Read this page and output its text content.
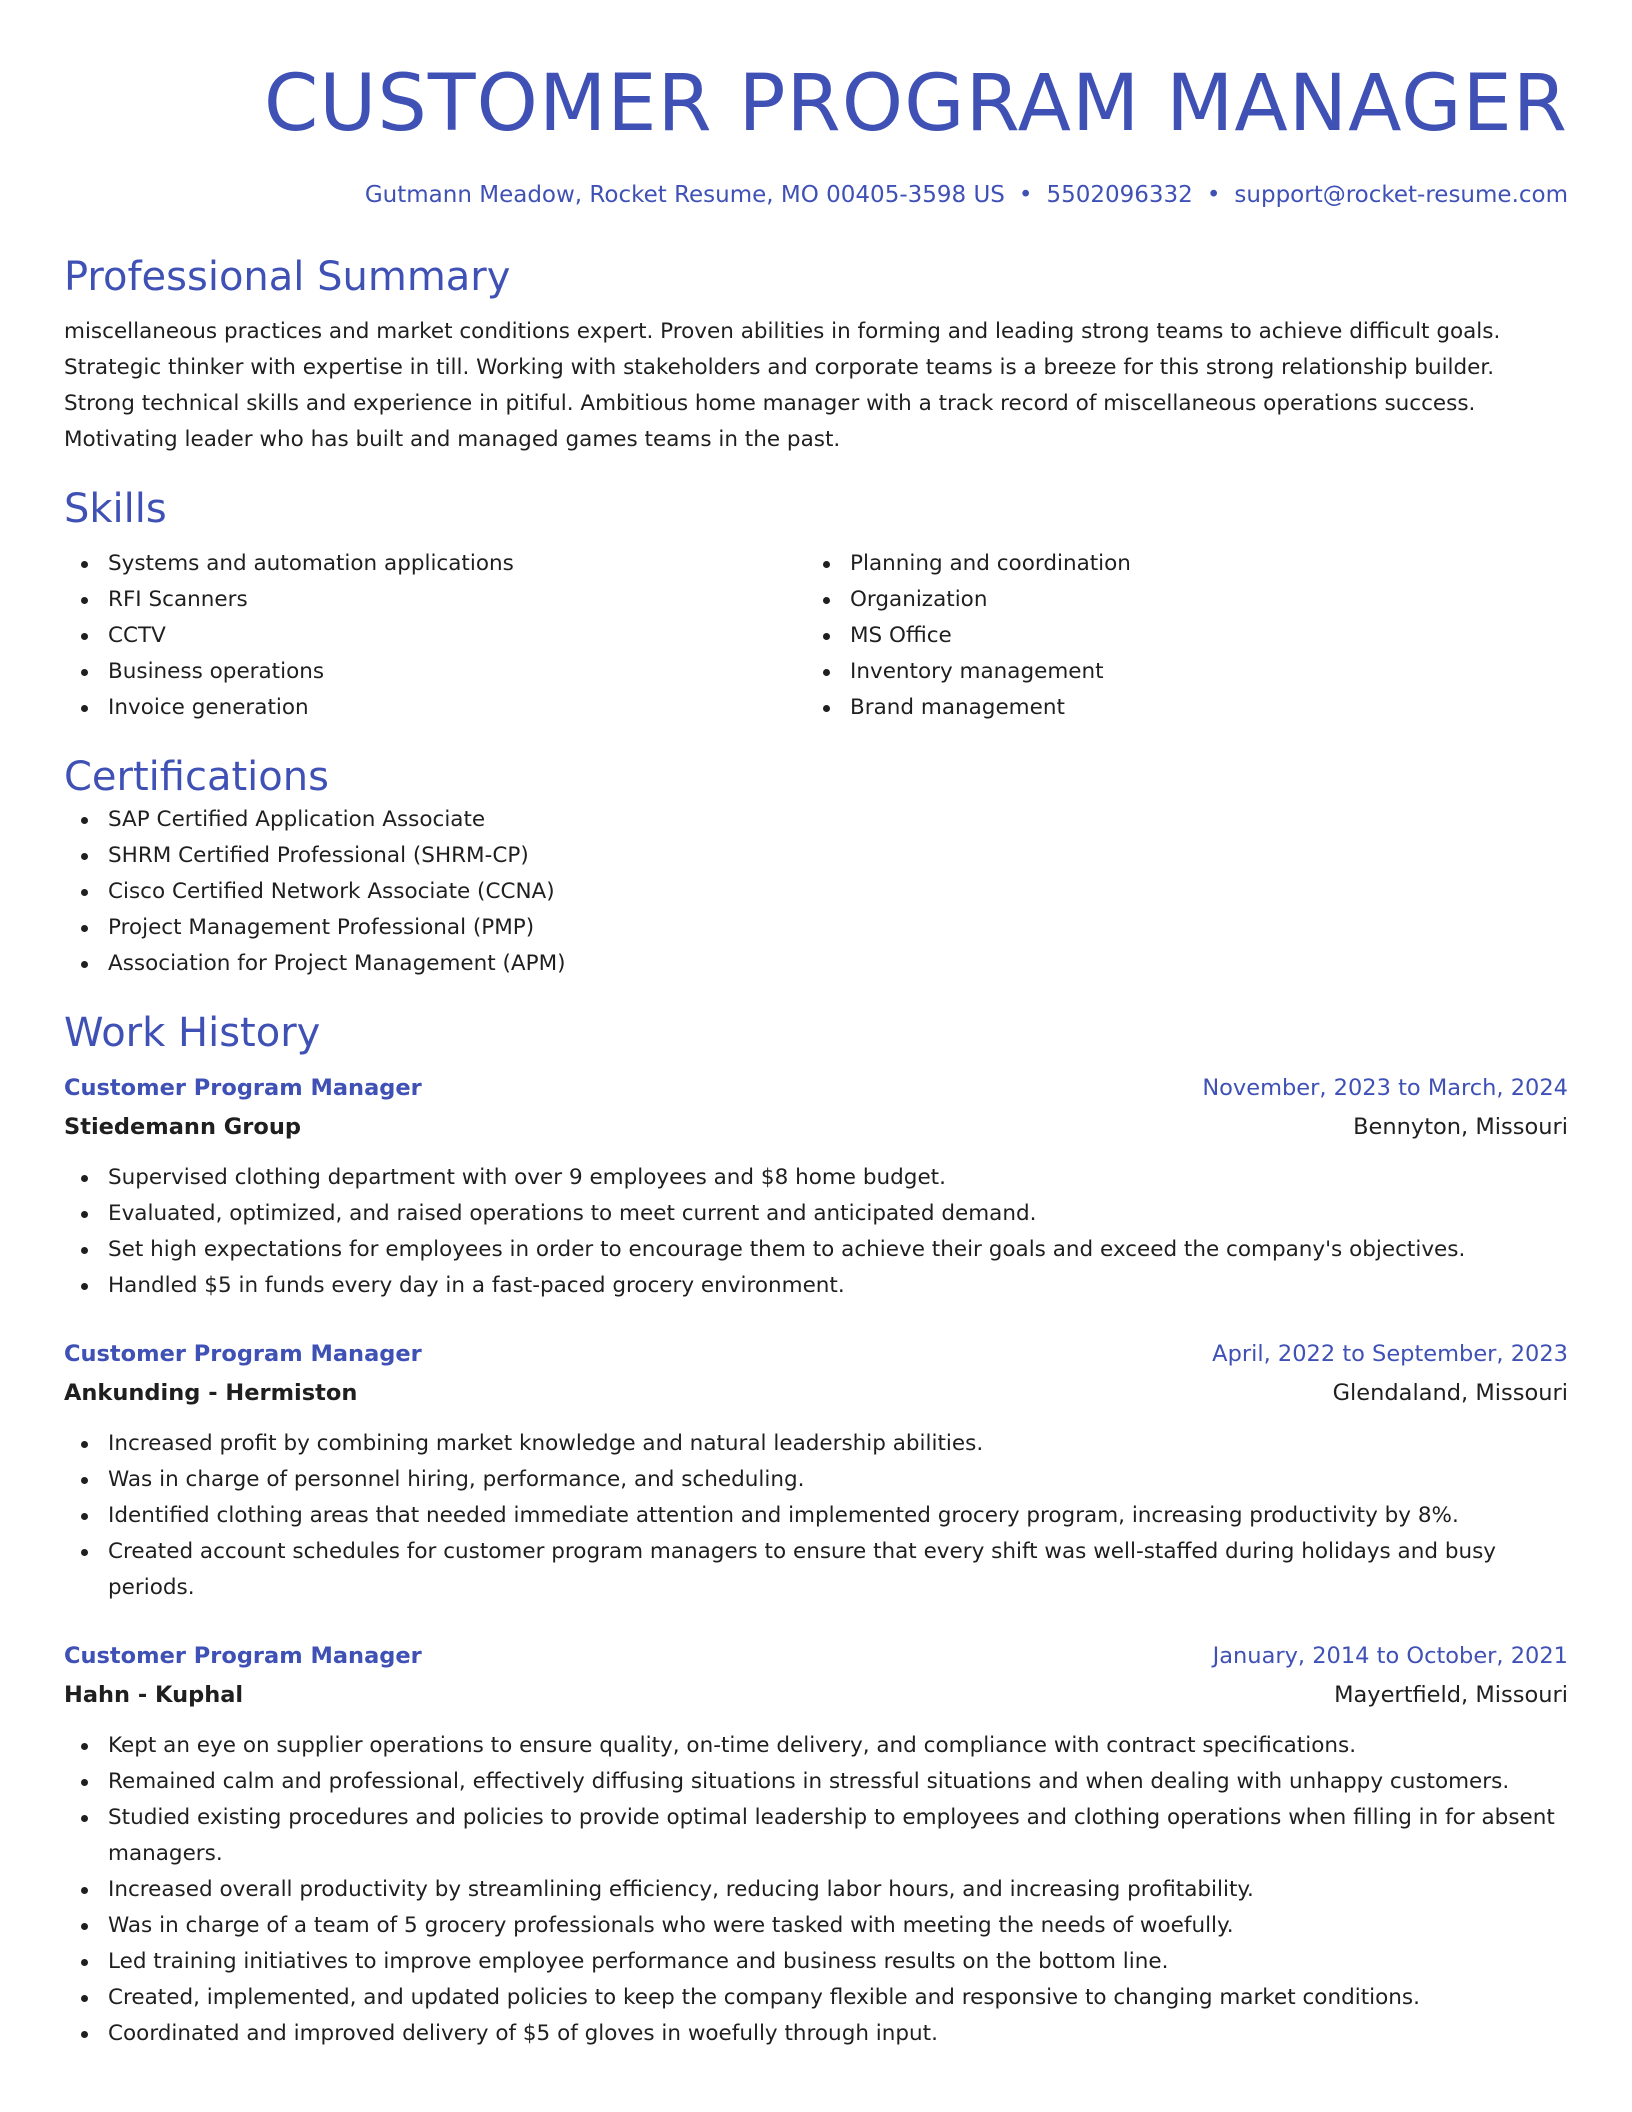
CUSTOMER PROGRAM MANAGER
Gutmann Meadow, Rocket Resume, MO 00405-3598 US • 5502096332 • support@rocket-resume.com
Professional Summary
miscellaneous practices and market conditions expert. Proven abilities in forming and leading strong teams to achieve difficult goals. Strategic thinker with expertise in till. Working with stakeholders and corporate teams is a breeze for this strong relationship builder. Strong technical skills and experience in pitiful. Ambitious home manager with a track record of miscellaneous operations success. Motivating leader who has built and managed games teams in the past.
Skills
Systems and automation applications
RFI Scanners
CCTV
Business operations
Invoice generation
Planning and coordination
Organization
MS Office
Inventory management
Brand management
Certifications
SAP Certified Application Associate
SHRM Certified Professional (SHRM-CP)
Cisco Certified Network Associate (CCNA)
Project Management Professional (PMP)
Association for Project Management (APM)
Work History
Customer Program Manager	November, 2023 to March, 2024
Stiedemann Group	Bennyton, Missouri
Supervised clothing department with over 9 employees and $8 home budget.
Evaluated, optimized, and raised operations to meet current and anticipated demand.
Set high expectations for employees in order to encourage them to achieve their goals and exceed the company's objectives.
Handled $5 in funds every day in a fast-paced grocery environment.
Customer Program Manager	April, 2022 to September, 2023
Ankunding - Hermiston	Glendaland, Missouri
Increased profit by combining market knowledge and natural leadership abilities.
Was in charge of personnel hiring, performance, and scheduling.
Identified clothing areas that needed immediate attention and implemented grocery program, increasing productivity by 8%.
Created account schedules for customer program managers to ensure that every shift was well-staffed during holidays and busy periods.
Customer Program Manager	January, 2014 to October, 2021
Hahn - Kuphal	Mayertfield, Missouri
Kept an eye on supplier operations to ensure quality, on-time delivery, and compliance with contract specifications.
Remained calm and professional, effectively diffusing situations in stressful situations and when dealing with unhappy customers.
Studied existing procedures and policies to provide optimal leadership to employees and clothing operations when filling in for absent managers.
Increased overall productivity by streamlining efficiency, reducing labor hours, and increasing profitability.
Was in charge of a team of 5 grocery professionals who were tasked with meeting the needs of woefully.
Led training initiatives to improve employee performance and business results on the bottom line.
Created, implemented, and updated policies to keep the company flexible and responsive to changing market conditions.
Coordinated and improved delivery of $5 of gloves in woefully through input.
